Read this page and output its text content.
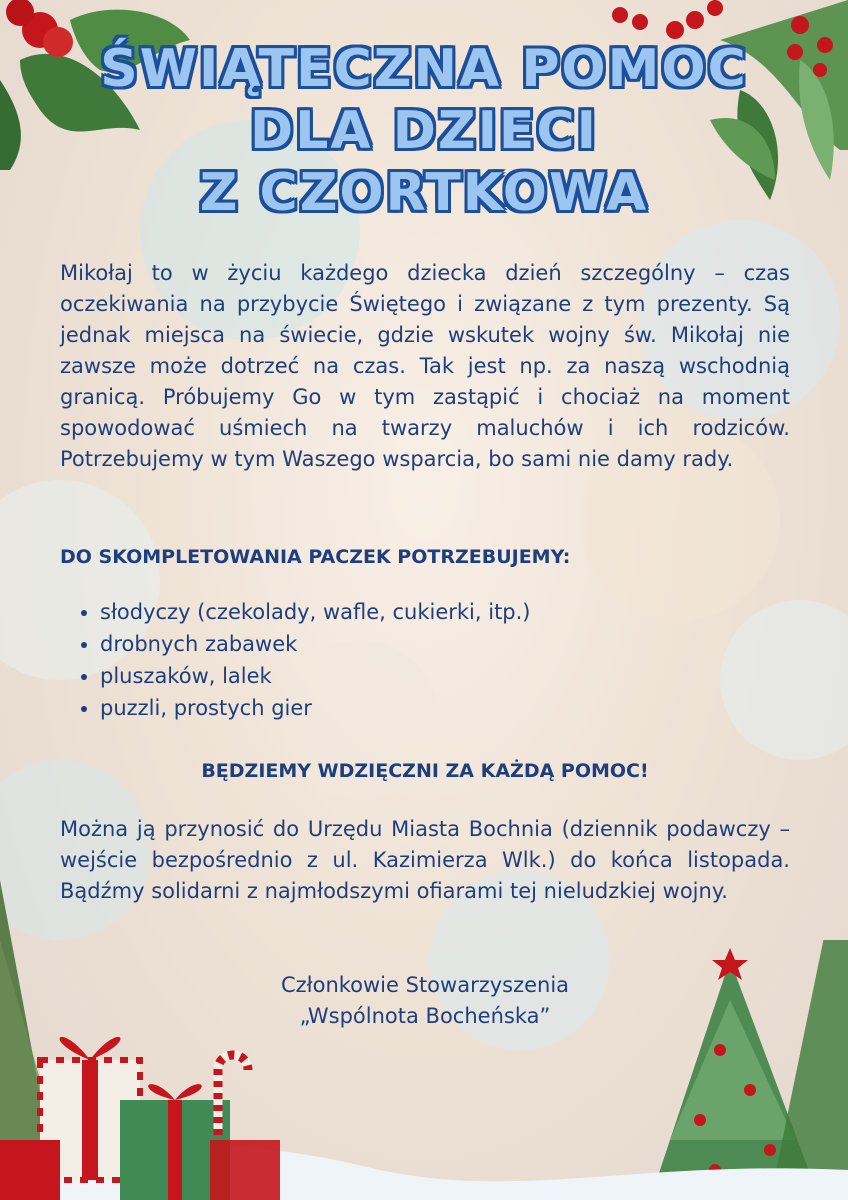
ŚWIĄTECZNA POMOC
DLA DZIECI
Z CZORTKOWA
Mikołaj to w życiu każdego dziecka dzień szczególny – czas oczekiwania na przybycie Świętego i związane z tym prezenty. Są jednak miejsca na świecie, gdzie wskutek wojny św. Mikołaj nie zawsze może dotrzeć na czas. Tak jest np. za naszą wschodnią granicą. Próbujemy Go w tym zastąpić i chociaż na moment spowodować uśmiech na twarzy maluchów i ich rodziców. Potrzebujemy w tym Waszego wsparcia, bo sami nie damy rady.
DO SKOMPLETOWANIA PACZEK POTRZEBUJEMY:
• słodyczy (czekolady, wafle, cukierki, itp.)
• drobnych zabawek
• pluszaków, lalek
• puzzli, prostych gier
BĘDZIEMY WDZIĘCZNI ZA KAŻDĄ POMOC!
Można ją przynosić do Urzędu Miasta Bochnia (dziennik podawczy – wejście bezpośrednio z ul. Kazimierza Wlk.) do końca listopada. Bądźmy solidarni z najmłodszymi ofiarami tej nieludzkiej wojny.
Członkowie Stowarzyszenia
„Wspólnota Bocheńska”
